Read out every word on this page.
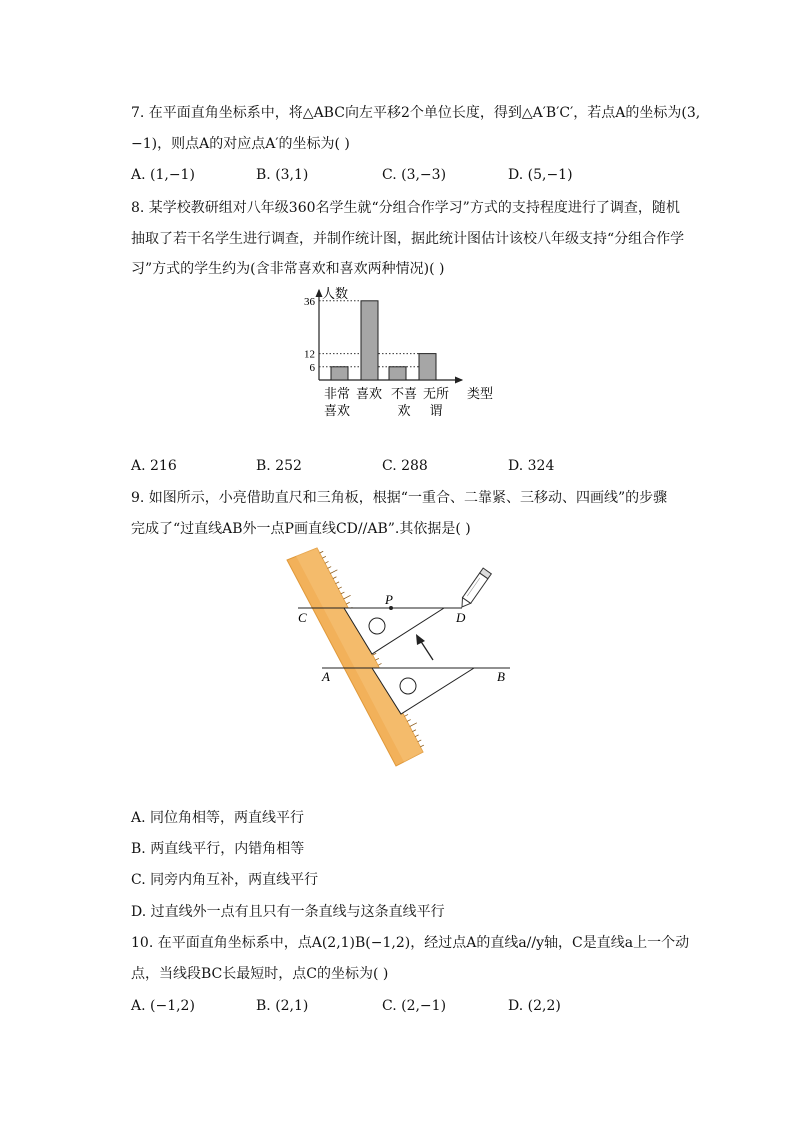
7. 在平面直角坐标系中，将△ABC向左平移2个单位长度，得到△A′B′C′，若点A的坐标为(3,
−1)，则点A的对应点A′的坐标为( )
A. (1,−1)	B. (3,1)	C. (3,−3)	D. (5,−1)
8. 某学校教研组对八年级360名学生就“分组合作学习”方式的支持程度进行了调查，随机
抽取了若干名学生进行调查，并制作统计图，据此统计图估计该校八年级支持“分组合作学
习”方式的学生约为(含非常喜欢和喜欢两种情况)( )
人数
类型
36
12
6
非常
喜欢
喜欢 不喜
欢
无所
谓
A. 216	B. 252	C. 288	D. 324
9. 如图所示，小亮借助直尺和三角板，根据“一重合、二靠紧、三移动、四画线”的步骤
完成了“过直线AB外一点P画直线CD//AB”.其依据是( )
C
P
D
A	B
A. 同位角相等，两直线平行
B. 两直线平行，内错角相等
C. 同旁内角互补，两直线平行
D. 过直线外一点有且只有一条直线与这条直线平行
10. 在平面直角坐标系中，点A(2,1)B(−1,2)，经过点A的直线a//y轴，C是直线a上一个动
点，当线段BC长最短时，点C的坐标为( )
A. (−1,2)	B. (2,1)	C. (2,−1)	D. (2,2)
